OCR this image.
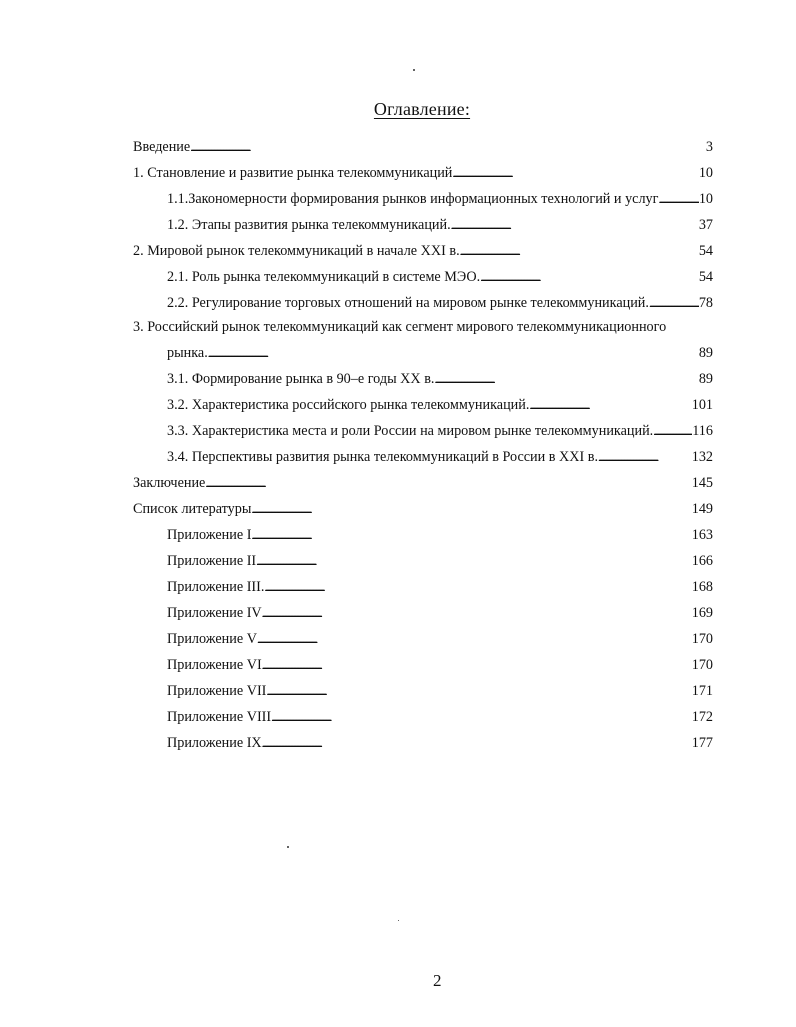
Оглавление:
Введение . . .	3
1. Становление и развитие рынка телекоммуникаций . . .	10
1.1.Закономерности формирования рынков информационных технологий и услуг . . .	10
1.2. Этапы развития рынка телекоммуникаций. . . .	37
2. Мировой рынок телекоммуникаций в начале XXI в. . . .	54
2.1. Роль рынка телекоммуникаций в системе МЭО. . . .	54
2.2. Регулирование торговых отношений на мировом рынке телекоммуникаций. . . .	78
3. Российский рынок телекоммуникаций как сегмент мирового телекоммуникационного
рынка. . . .	89
3.1. Формирование рынка в 90–е годы XX в. . . .	89
3.2. Характеристика российского рынка телекоммуникаций. . . .	101
3.3. Характеристика места и роли России на мировом рынке телекоммуникаций. . . .	116
3.4. Перспективы развития рынка телекоммуникаций в России в XXI в. . . .	132
Заключение . . .	145
Список литературы . . .	149
Приложение I . . .	163
Приложение II . . .	166
Приложение III. . . .	168
Приложение IV . . .	169
Приложение V . . .	170
Приложение VI . . .	170
Приложение VII . . .	171
Приложение VIII . . .	172
Приложение IX . . .	177
2
